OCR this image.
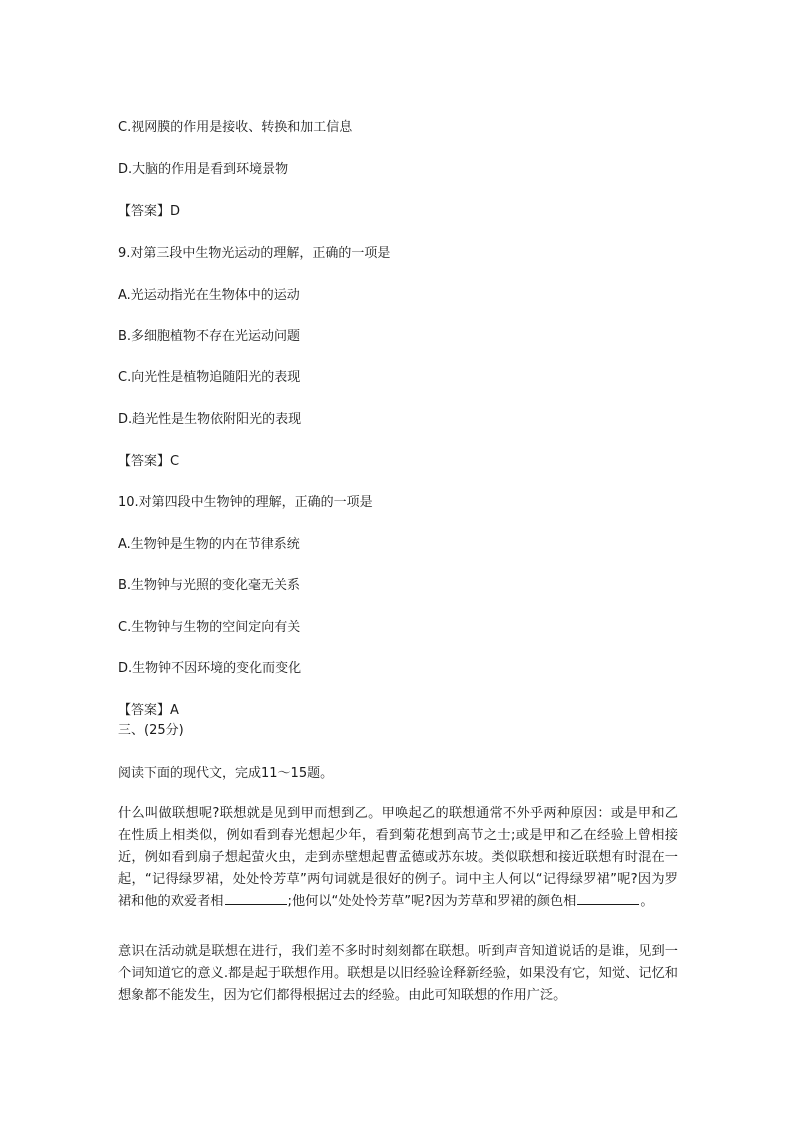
C.视网膜的作用是接收、转换和加工信息
D.大脑的作用是看到环境景物
【答案】D
9.对第三段中生物光运动的理解，正确的一项是
A.光运动指光在生物体中的运动
B.多细胞植物不存在光运动问题
C.向光性是植物追随阳光的表现
D.趋光性是生物依附阳光的表现
【答案】C
10.对第四段中生物钟的理解，正确的一项是
A.生物钟是生物的内在节律系统
B.生物钟与光照的变化毫无关系
C.生物钟与生物的空间定向有关
D.生物钟不因环境的变化而变化
【答案】A
三、(25分)
阅读下面的现代文，完成11～15题。
什么叫做联想呢?联想就是见到甲而想到乙。甲唤起乙的联想通常不外乎两种原因：或是甲和乙在性质上相类似，例如看到春光想起少年，看到菊花想到高节之士;或是甲和乙在经验上曾相接近，例如看到扇子想起萤火虫，走到赤壁想起曹孟德或苏东坡。类似联想和接近联想有时混在一起，“记得绿罗裙，处处怜芳草”两句词就是很好的例子。词中主人何以“记得绿罗裙”呢?因为罗裙和他的欢爱者相	;他何以“处处怜芳草”呢?因为芳草和罗裙的颜色相	。
意识在活动就是联想在进行，我们差不多时时刻刻都在联想。听到声音知道说话的是谁，见到一个词知道它的意义.都是起于联想作用。联想是以旧经验诠释新经验，如果没有它，知觉、记忆和想象都不能发生，因为它们都得根据过去的经验。由此可知联想的作用广泛。
